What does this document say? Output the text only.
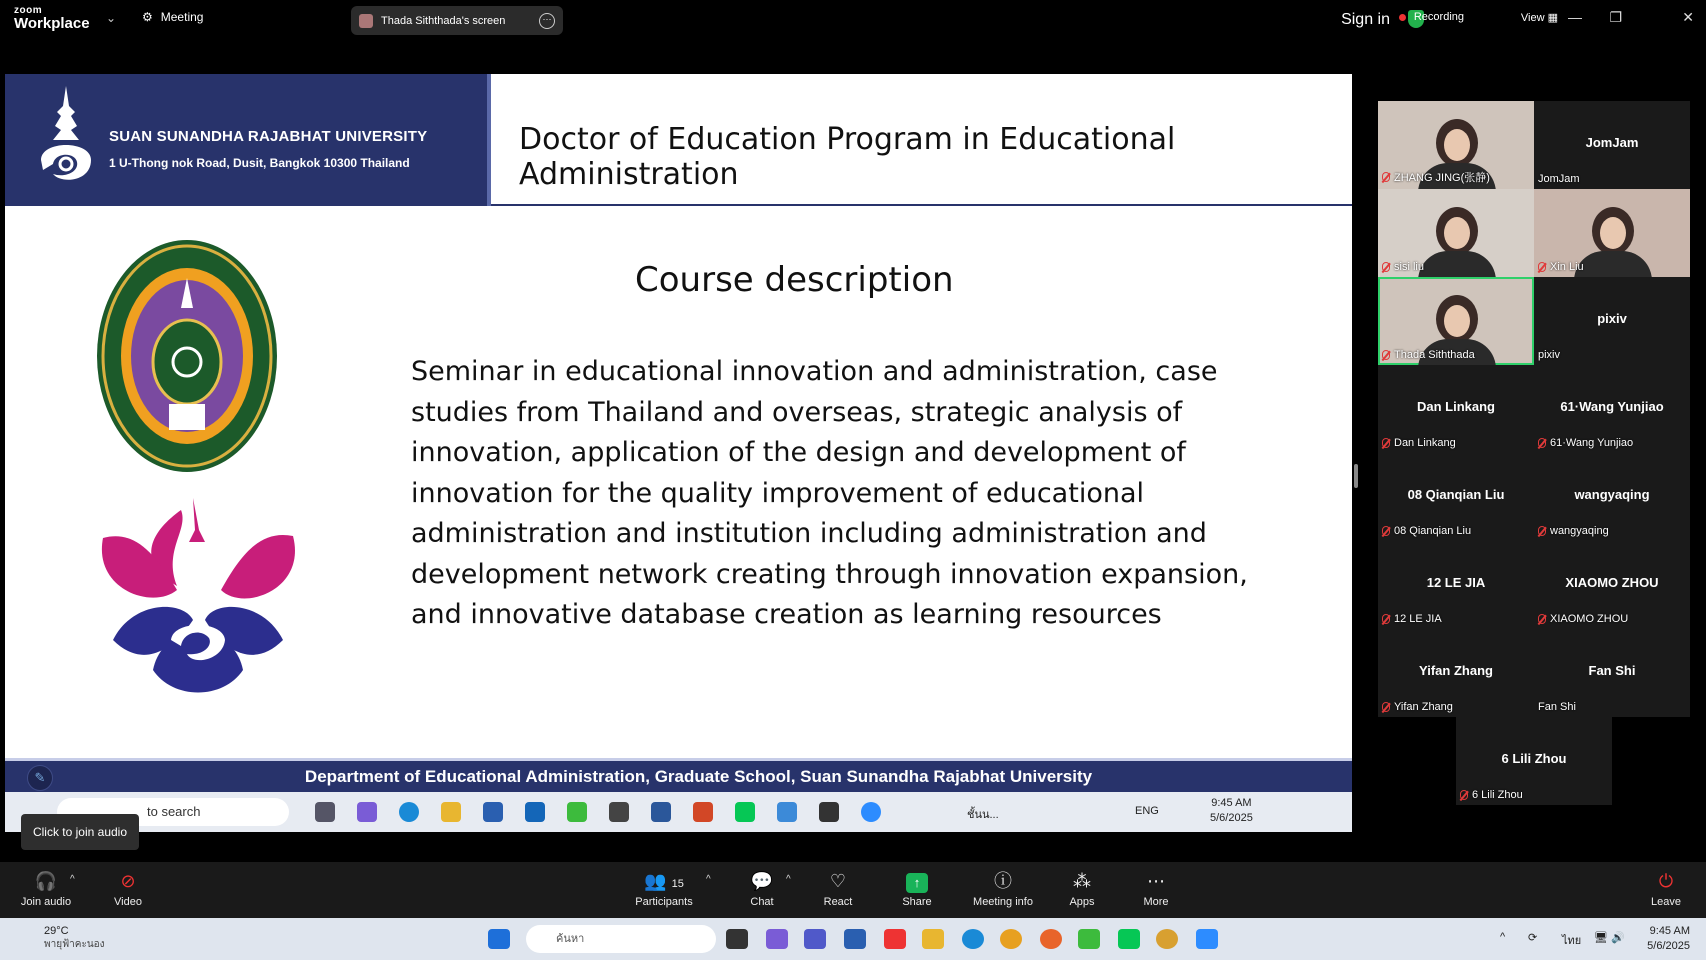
zoom
Workplace ⌄ ⚙ Meeting	Thada Siththada's screen	···	Sign in Recording	View ▦ — ❐	✕
SUAN SUNANDHA RAJABHAT UNIVERSITY
1 U-Thong nok Road, Dusit, Bangkok 10300 Thailand
Doctor of Education Program in Educational Administration
Course description
Seminar in educational innovation and administration, case studies from Thailand and overseas, strategic analysis of innovation, application of the design and development of innovation for the quality improvement of educational administration and institution including administration and development network creating through innovation expansion, and innovative database creation as learning resources
Department of Educational Administration, Graduate School, Suan Sunandha Rajabhat University
✎
to search	ชั้นน...	ENG
9:45 AM
5/6/2025
Click to join audio
ZHANG JING(张静)
JomJam
JomJam
sisi liu	Xin Liu
Thada Siththada
pixiv
pixiv
Dan Linkang
Dan Linkang
61·Wang Yunjiao
61·Wang Yunjiao
08 Qianqian Liu
08 Qianqian Liu
wangyaqing
wangyaqing
12 LE JIA
12 LE JIA
XIAOMO ZHOU
XIAOMO ZHOU
Yifan Zhang
Yifan Zhang
Fan Shi
Fan Shi
6 Lili Zhou
6 Lili Zhou
🎧
Join audio
^	⊘
Video
👥 15
Participants
^ 💬
Chat
^	♡
React
↑
Share
ⓘ
Meeting info
⁂
Apps
⋯
More
⏻
Leave
29°C
พายุฟ้าคะนอง	ค้นหา	^ ⟳ ไทย 🖥 🔊
9:45 AM
5/6/2025
